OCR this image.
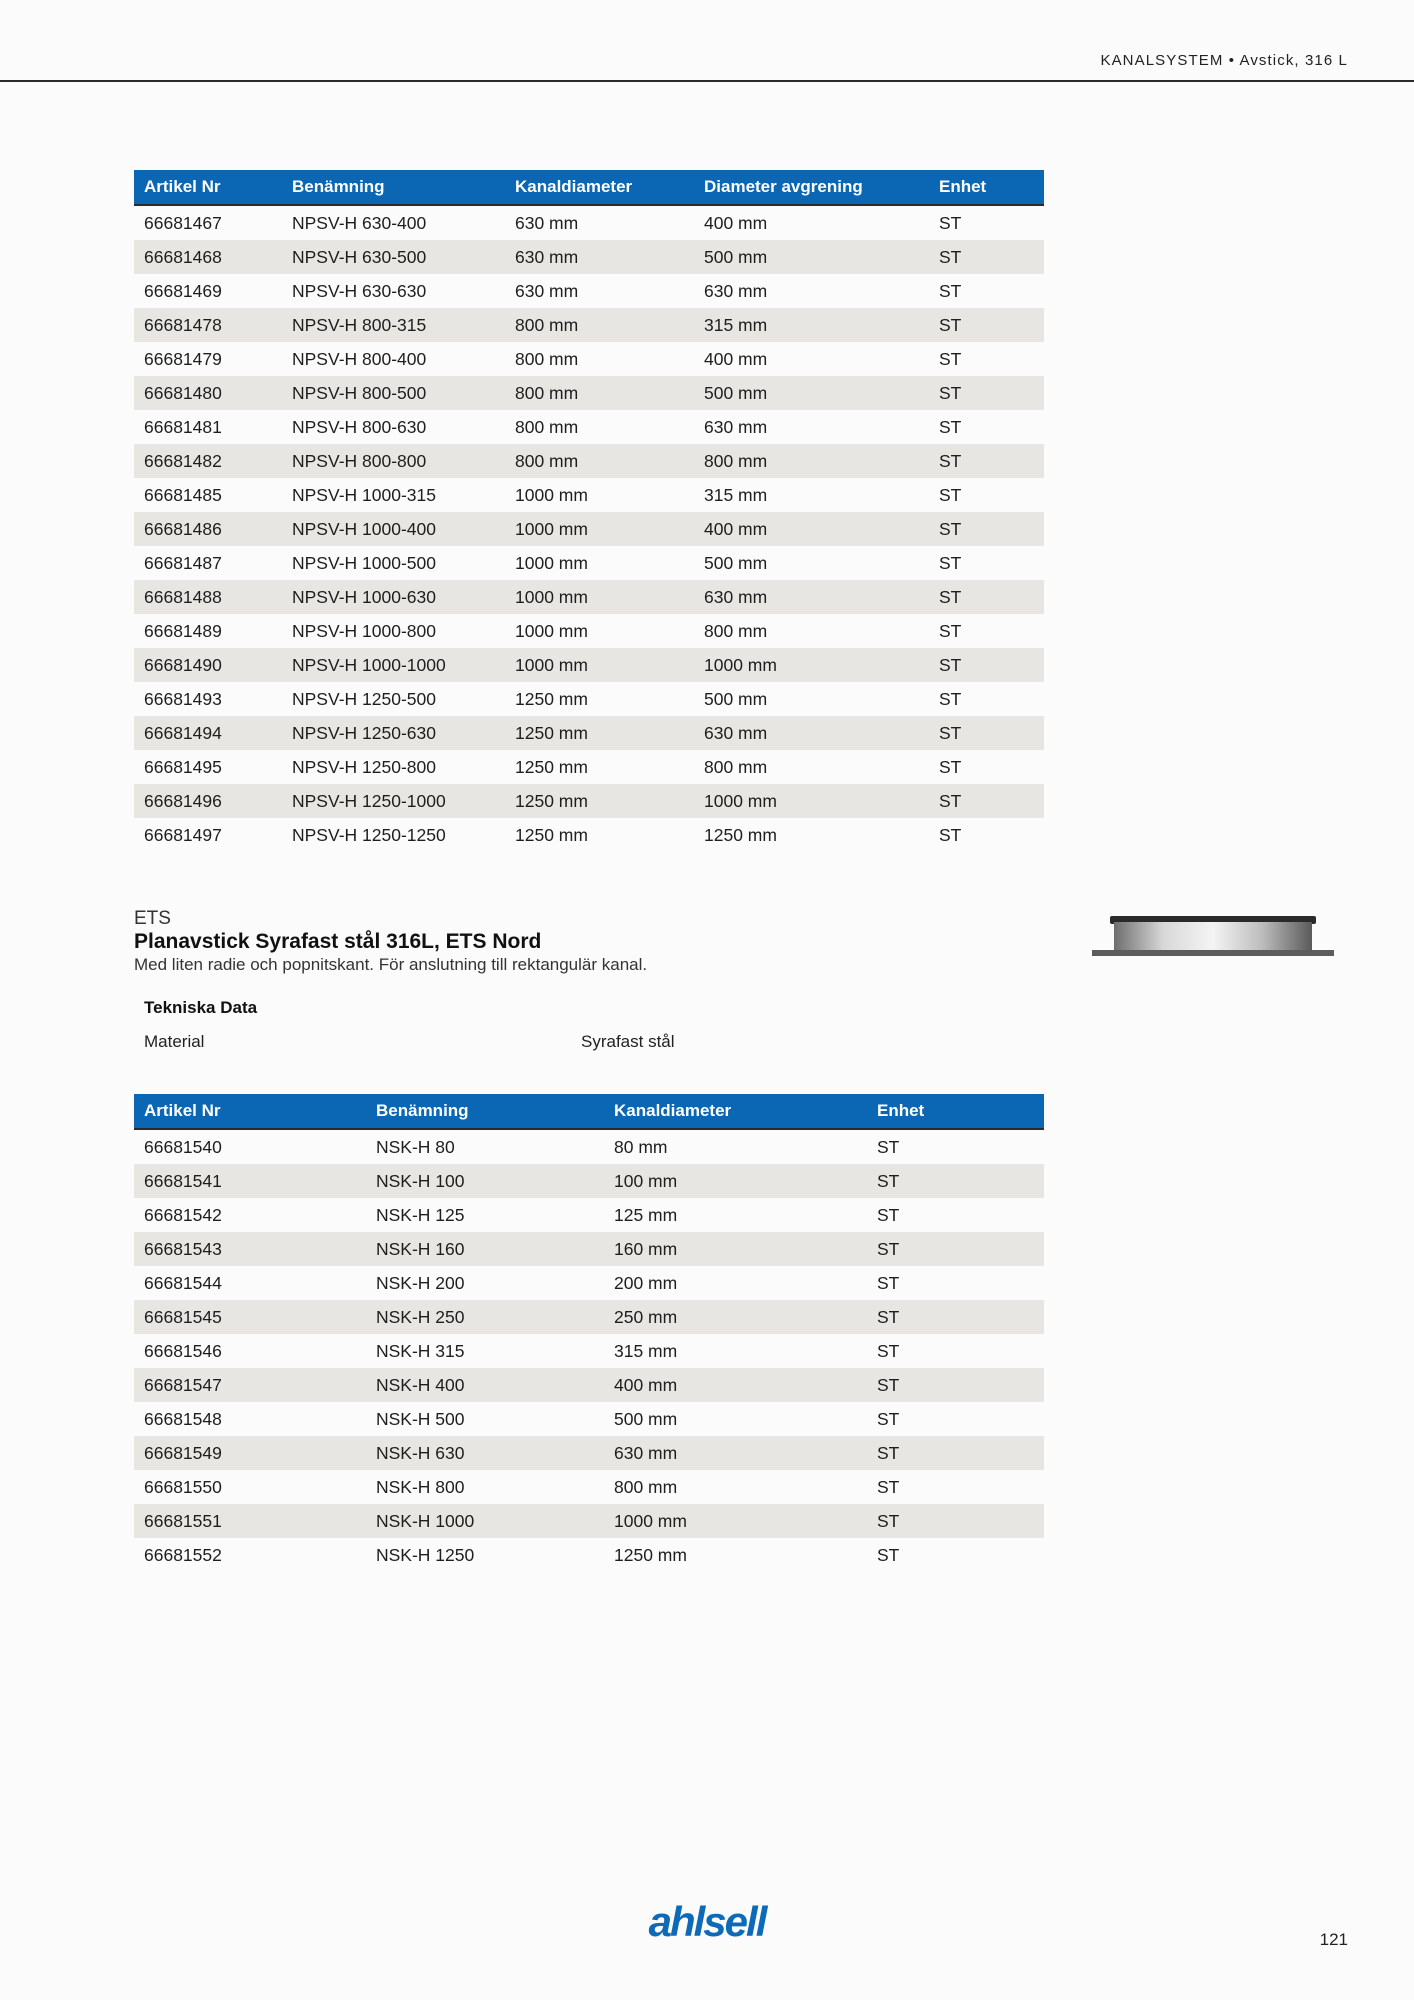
KANALSYSTEM • Avstick, 316 L
Artikel Nr	Benämning	Kanaldiameter	Diameter avgrening	Enhet
66681467	NPSV-H 630-400	630 mm	400 mm	ST
66681468	NPSV-H 630-500	630 mm	500 mm	ST
66681469	NPSV-H 630-630	630 mm	630 mm	ST
66681478	NPSV-H 800-315	800 mm	315 mm	ST
66681479	NPSV-H 800-400	800 mm	400 mm	ST
66681480	NPSV-H 800-500	800 mm	500 mm	ST
66681481	NPSV-H 800-630	800 mm	630 mm	ST
66681482	NPSV-H 800-800	800 mm	800 mm	ST
66681485	NPSV-H 1000-315	1000 mm	315 mm	ST
66681486	NPSV-H 1000-400	1000 mm	400 mm	ST
66681487	NPSV-H 1000-500	1000 mm	500 mm	ST
66681488	NPSV-H 1000-630	1000 mm	630 mm	ST
66681489	NPSV-H 1000-800	1000 mm	800 mm	ST
66681490	NPSV-H 1000-1000	1000 mm	1000 mm	ST
66681493	NPSV-H 1250-500	1250 mm	500 mm	ST
66681494	NPSV-H 1250-630	1250 mm	630 mm	ST
66681495	NPSV-H 1250-800	1250 mm	800 mm	ST
66681496	NPSV-H 1250-1000	1250 mm	1000 mm	ST
66681497	NPSV-H 1250-1250	1250 mm	1250 mm	ST
ETS
Planavstick Syrafast stål 316L, ETS Nord
Med liten radie och popnitskant. För anslutning till rektangulär kanal.
Tekniska Data
Material	Syrafast stål
Artikel Nr	Benämning	Kanaldiameter	Enhet
66681540	NSK-H 80	80 mm	ST
66681541	NSK-H 100	100 mm	ST
66681542	NSK-H 125	125 mm	ST
66681543	NSK-H 160	160 mm	ST
66681544	NSK-H 200	200 mm	ST
66681545	NSK-H 250	250 mm	ST
66681546	NSK-H 315	315 mm	ST
66681547	NSK-H 400	400 mm	ST
66681548	NSK-H 500	500 mm	ST
66681549	NSK-H 630	630 mm	ST
66681550	NSK-H 800	800 mm	ST
66681551	NSK-H 1000	1000 mm	ST
66681552	NSK-H 1250	1250 mm	ST
ahlsell	121
